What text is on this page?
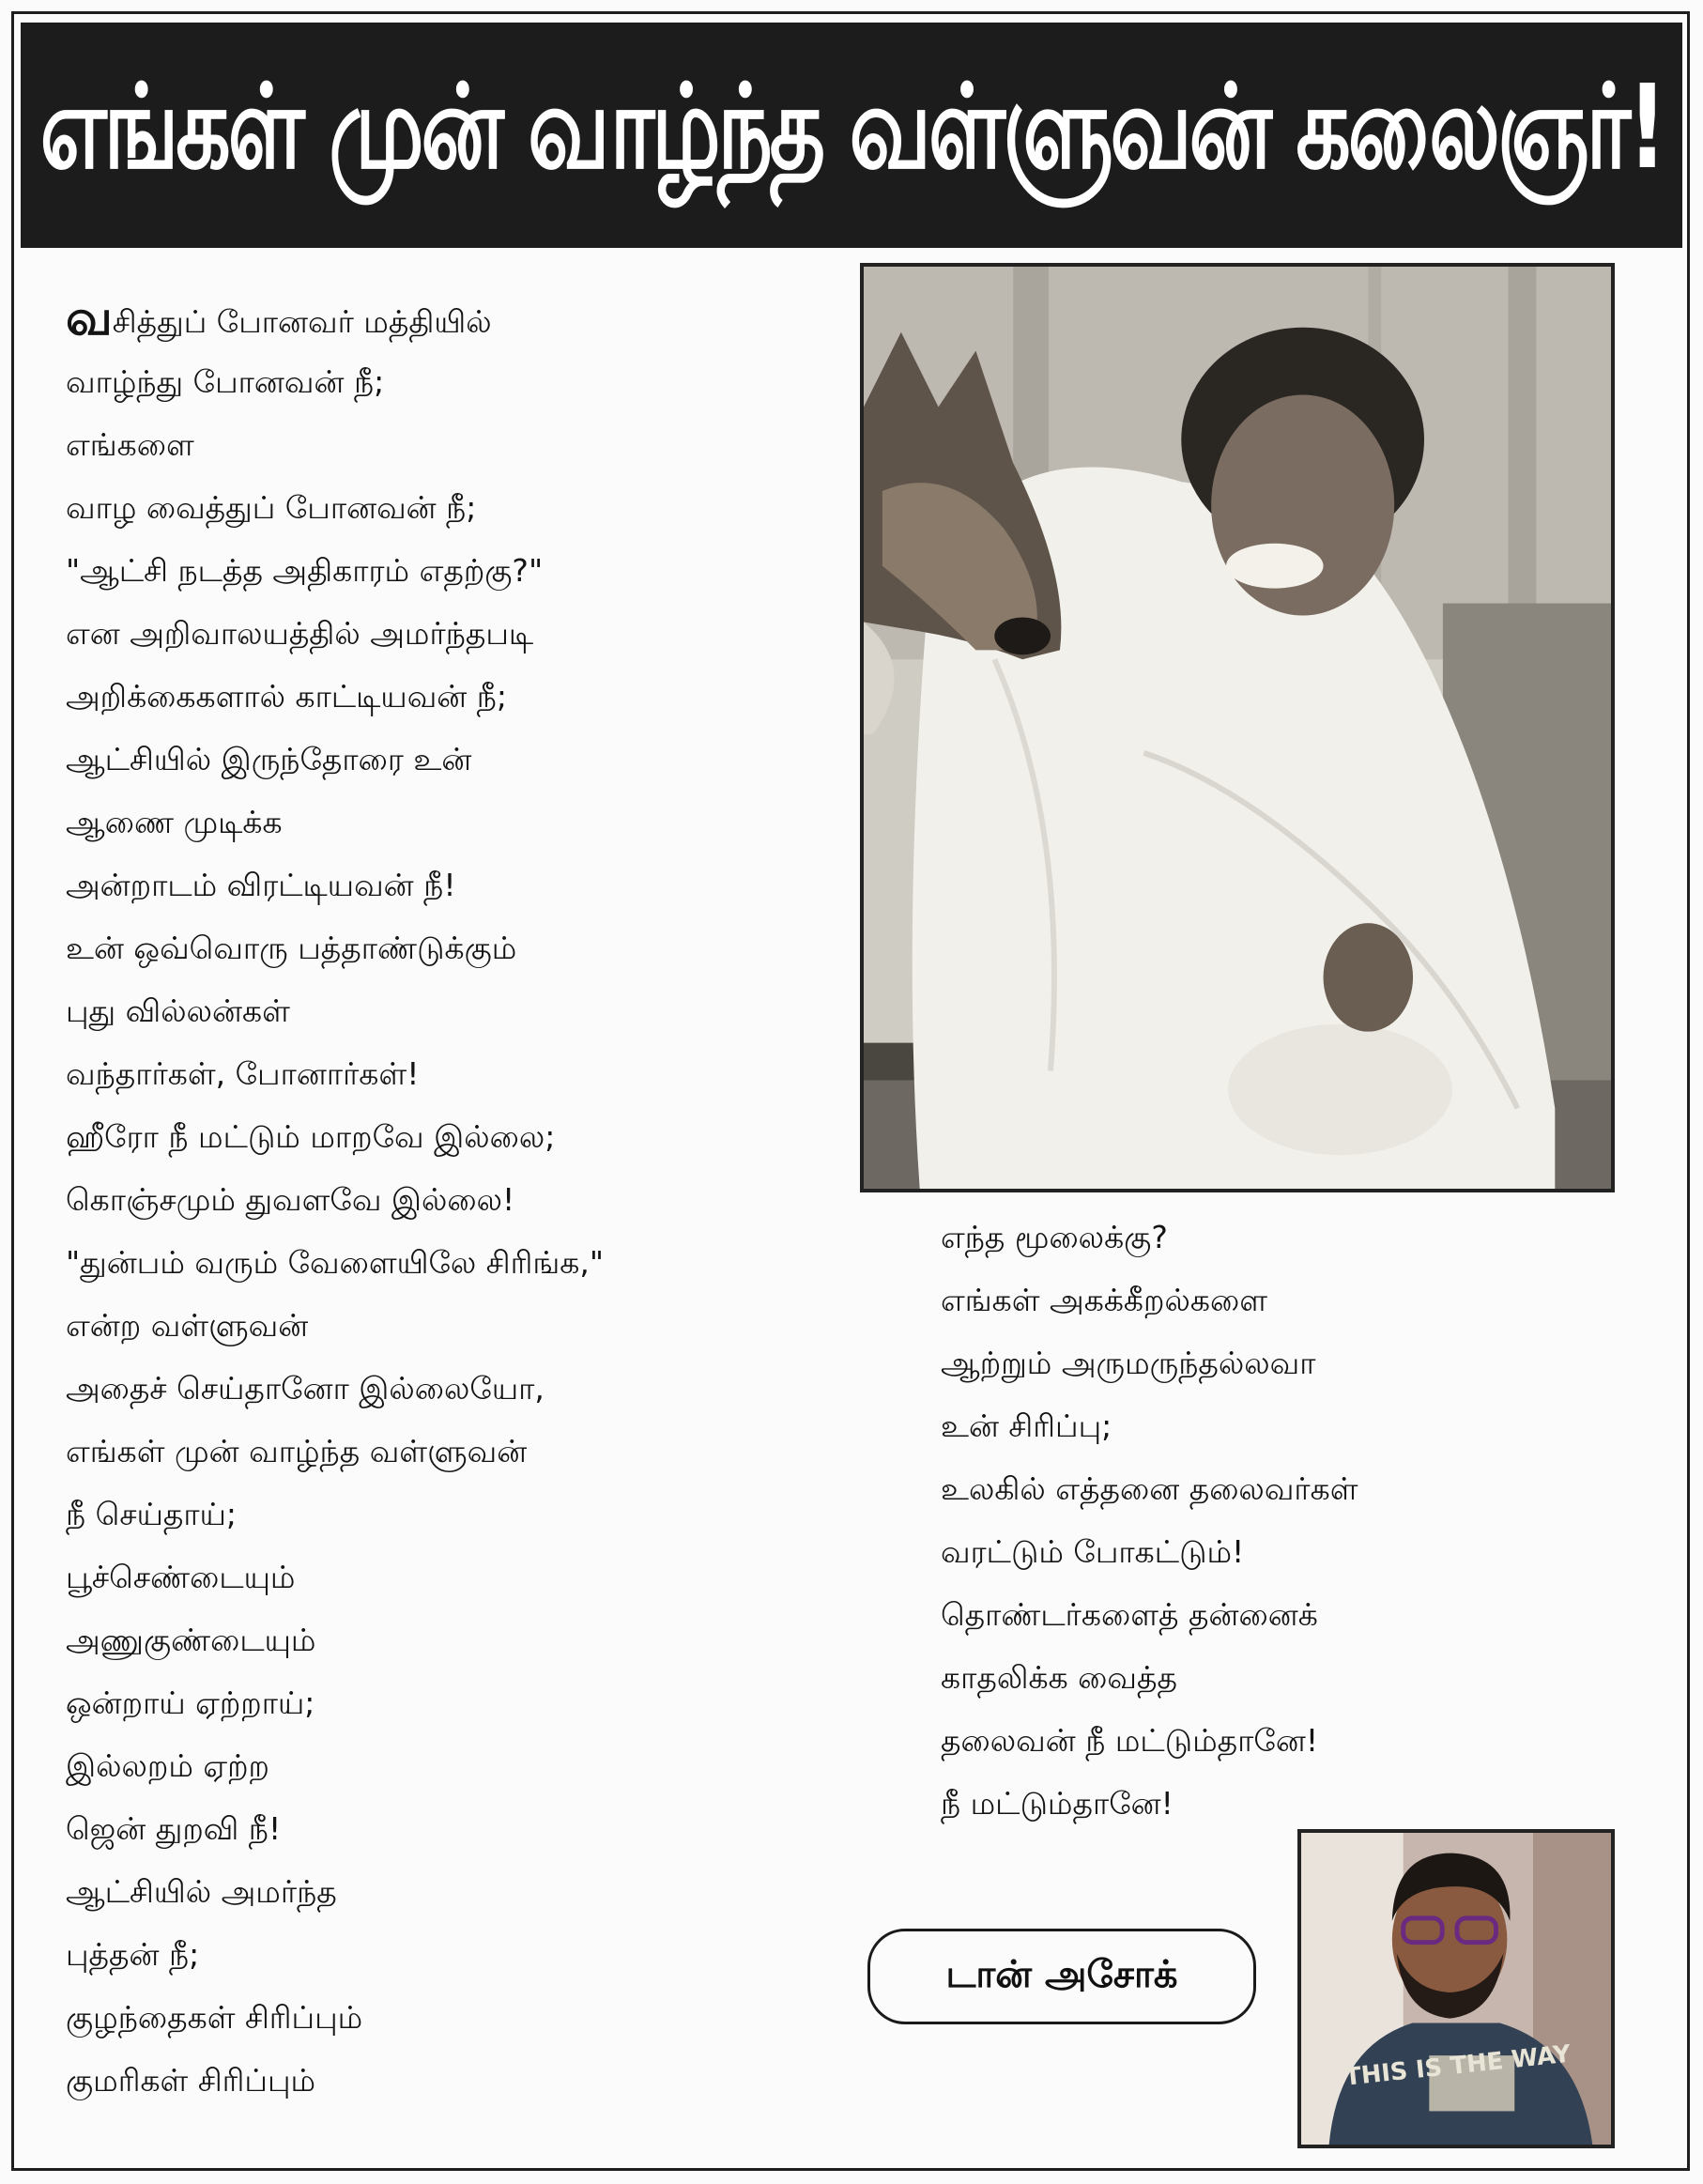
எங்கள் முன் வாழ்ந்த வள்ளுவன் கலைஞர்!
வசித்துப் போனவர் மத்தியில்
வாழ்ந்து போனவன் நீ;
எங்களை
வாழ வைத்துப் போனவன் நீ;
"ஆட்சி நடத்த அதிகாரம் எதற்கு?"
என அறிவாலயத்தில் அமர்ந்தபடி
அறிக்கைகளால் காட்டியவன் நீ;
ஆட்சியில் இருந்தோரை உன்
ஆணை முடிக்க
அன்றாடம் விரட்டியவன் நீ!
உன் ஒவ்வொரு பத்தாண்டுக்கும்
புது வில்லன்கள்
வந்தார்கள், போனார்கள்!
ஹீரோ நீ மட்டும் மாறவே இல்லை;
கொஞ்சமும் துவளவே இல்லை!
"துன்பம் வரும் வேளையிலே சிரிங்க,"
என்ற வள்ளுவன்
அதைச் செய்தானோ இல்லையோ,
எங்கள் முன் வாழ்ந்த வள்ளுவன்
நீ செய்தாய்;
பூச்செண்டையும்
அணுகுண்டையும்
ஒன்றாய் ஏற்றாய்;
இல்லறம் ஏற்ற
ஜென் துறவி நீ!
ஆட்சியில் அமர்ந்த
புத்தன் நீ;
குழந்தைகள் சிரிப்பும்
குமரிகள் சிரிப்பும்
எந்த மூலைக்கு?
எங்கள் அகக்கீறல்களை
ஆற்றும் அருமருந்தல்லவா
உன் சிரிப்பு;
உலகில் எத்தனை தலைவர்கள்
வரட்டும் போகட்டும்!
தொண்டர்களைத் தன்னைக்
காதலிக்க வைத்த
தலைவன் நீ மட்டும்தானே!
நீ மட்டும்தானே!
டான் அசோக்
THIS IS THE WAY
